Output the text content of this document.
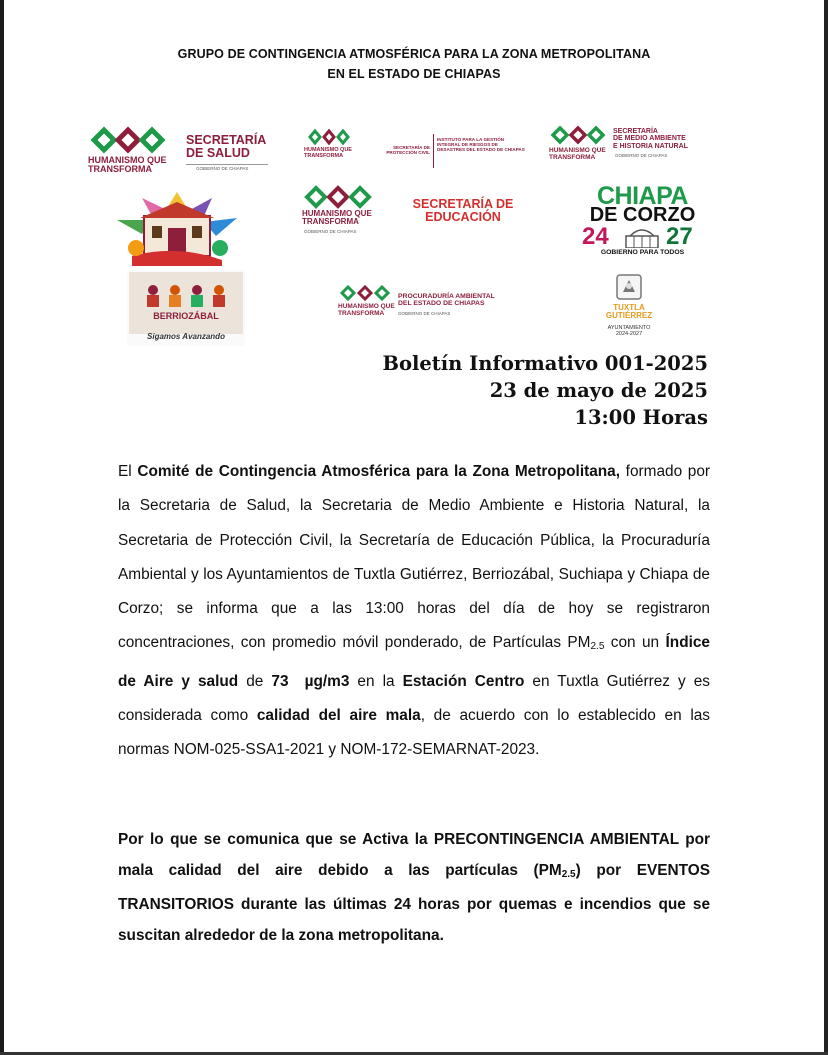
GRUPO DE CONTINGENCIA ATMOSFÉRICA PARA LA ZONA METROPOLITANA
EN EL ESTADO DE CHIAPAS
HUMANISMO QUE
TRANSFORMA
SECRETARÍA
DE SALUD
GOBIERNO DE CHIAPAS
HUMANISMO QUE
TRANSFORMA
SECRETARÍA DE PROTECCIÓN CIVIL
INSTITUTO PARA LA GESTIÓN INTEGRAL DE RIESGOS DE DESASTRES DEL ESTADO DE CHIAPAS	HUMANISMO QUE
TRANSFORMA
SECRETARÍA
DE MEDIO AMBIENTE
E HISTORIA NATURAL
GOBIERNO DE CHIAPAS
HUMANISMO QUE
TRANSFORMA
GOBIERNO DE CHIAPAS
SECRETARÍA DE
EDUCACIÓN
CHIAPA
DE CORZO
24 27
GOBIERNO PARA TODOS
BERRIOZÁBAL
Sigamos Avanzando
HUMANISMO QUE
TRANSFORMA
PROCURADURÍA AMBIENTAL
DEL ESTADO DE CHIAPAS
GOBIERNO DE CHIAPAS
TUXTLA
GUTIÉRREZ
AYUNTAMIENTO
2024-2027
Boletín Informativo 001-2025
23 de mayo de 2025
13:00 Horas
El Comité de Contingencia Atmosférica para la Zona Metropolitana, formado por la Secretaria de Salud, la Secretaria de Medio Ambiente e Historia Natural, la Secretaria de Protección Civil, la Secretaría de Educación Pública, la Procuraduría Ambiental y los Ayuntamientos de Tuxtla Gutiérrez, Berriozábal, Suchiapa y Chiapa de Corzo; se informa que a las 13:00 horas del día de hoy se registraron concentraciones, con promedio móvil ponderado, de Partículas $PM_{2.5}$ con un Índice de Aire y salud de 73  µg/m3 en la Estación Centro en Tuxtla Gutiérrez y es considerada como calidad del aire mala, de acuerdo con lo establecido en las normas NOM-025-SSA1-2021 y NOM-172-SEMARNAT-2023.
Por lo que se comunica que se Activa la PRECONTINGENCIA AMBIENTAL por mala calidad del aire debido a las partículas $(PM_{2.5})$ por EVENTOS TRANSITORIOS durante las últimas 24 horas por quemas e incendios que se suscitan alrededor de la zona metropolitana.
